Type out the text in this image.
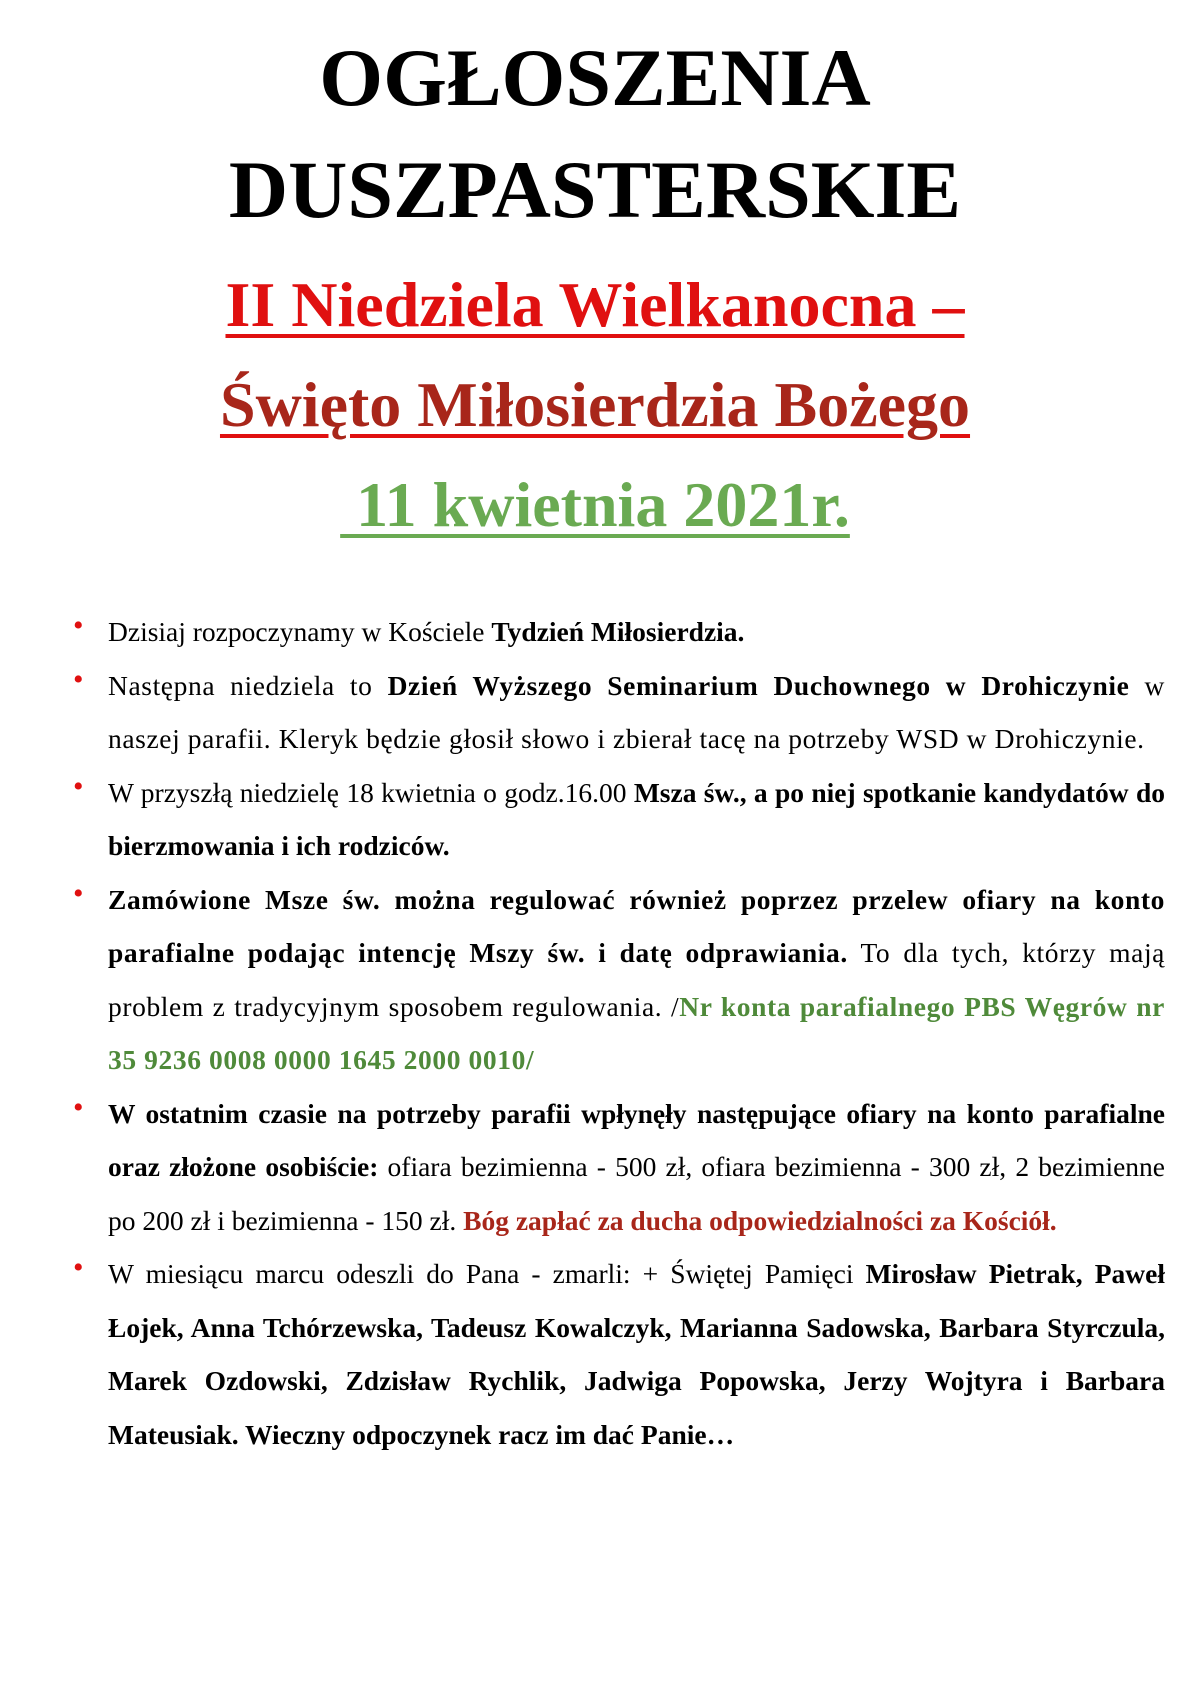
OGŁOSZENIA
DUSZPASTERSKIE
II Niedziela Wielkanocna –
Święto Miłosierdzia Bożego
11 kwietnia 2021r.
• Dzisiaj rozpoczynamy w Kościele Tydzień Miłosierdzia.
• Następna niedziela to Dzień Wyższego Seminarium Duchownego w Drohiczynie w naszej parafii. Kleryk będzie głosił słowo i zbierał tacę na potrzeby WSD w Drohiczynie.
• W przyszłą niedzielę 18 kwietnia o godz.16.00 Msza św., a po niej spotkanie kandydatów do bierzmowania i ich rodziców.
• Zamówione Msze św. można regulować również poprzez przelew ofiary na konto parafialne podając intencję Mszy św. i datę odprawiania. To dla tych, którzy mają problem z tradycyjnym sposobem regulowania. /Nr konta parafialnego PBS Węgrów nr 35 9236 0008 0000 1645 2000 0010/
• W ostatnim czasie na potrzeby parafii wpłynęły następujące ofiary na konto parafialne oraz złożone osobiście: ofiara bezimienna - 500 zł, ofiara bezimienna - 300 zł, 2 bezimienne po 200 zł i bezimienna - 150 zł. Bóg zapłać za ducha odpowiedzialności za Kościół.
• W miesiącu marcu odeszli do Pana - zmarli: + Świętej Pamięci Mirosław Pietrak, Paweł Łojek, Anna Tchórzewska, Tadeusz Kowalczyk, Marianna Sadowska, Barbara Styrczula, Marek Ozdowski, Zdzisław Rychlik, Jadwiga Popowska, Jerzy Wojtyra i Barbara Mateusiak. Wieczny odpoczynek racz im dać Panie…
